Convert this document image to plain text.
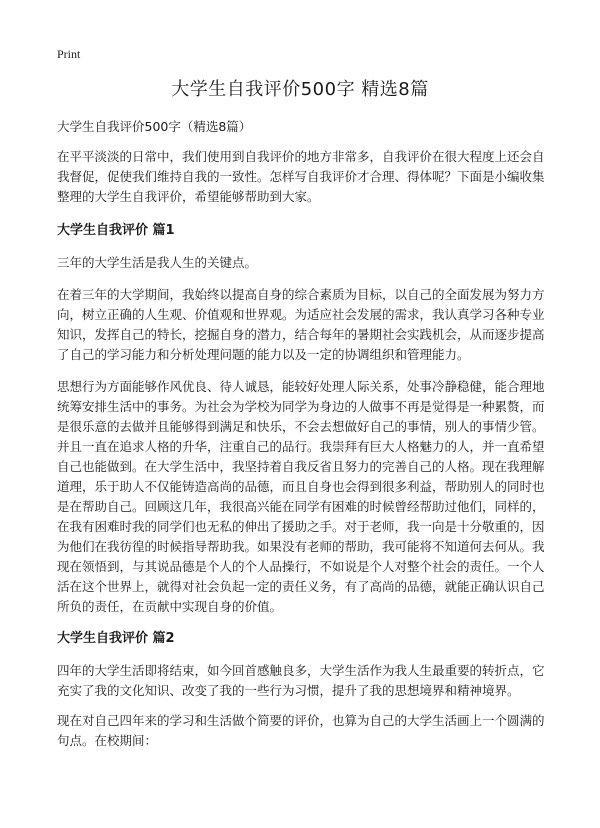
Print
大学生自我评价500字 精选8篇

大学生自我评价500字（精选8篇）

在平平淡淡的日常中，我们使用到自我评价的地方非常多，自我评价在很大程度上还会自我督促，促使我们维持自我的一致性。怎样写自我评价才合理、得体呢？下面是小编收集整理的大学生自我评价，希望能够帮助到大家。

大学生自我评价 篇1

三年的大学生活是我人生的关键点。

在着三年的大学期间，我始终以提高自身的综合素质为目标，以自己的全面发展为努力方向，树立正确的人生观、价值观和世界观。为适应社会发展的需求，我认真学习各种专业知识，发挥自己的特长，挖掘自身的潜力，结合每年的暑期社会实践机会，从而逐步提高了自己的学习能力和分析处理问题的能力以及一定的协调组织和管理能力。

思想行为方面能够作风优良、待人诚恳，能较好处理人际关系，处事冷静稳健，能合理地统筹安排生活中的事务。为社会为学校为同学为身边的人做事不再是觉得是一种累赘，而是很乐意的去做并且能够得到满足和快乐，不会去想做好自己的事情，别人的事情少管。并且一直在追求人格的升华，注重自己的品行。我崇拜有巨大人格魅力的人，并一直希望自己也能做到。在大学生活中，我坚持着自我反省且努力的完善自己的人格。现在我理解道理，乐于助人不仅能铸造高尚的品德，而且自身也会得到很多利益，帮助别人的同时也是在帮助自己。回顾这几年，我很高兴能在同学有困难的时候曾经帮助过他们，同样的，在我有困难时我的同学们也无私的伸出了援助之手。对于老师，我一向是十分敬重的，因为他们在我彷徨的时候指导帮助我。如果没有老师的帮助，我可能将不知道何去何从。我现在领悟到，与其说品德是个人的个人品操行，不如说是个人对整个社会的责任。一个人活在这个世界上，就得对社会负起一定的责任义务，有了高尚的品德，就能正确认识自己所负的责任，在贡献中实现自身的价值。

大学生自我评价 篇2

四年的大学生活即将结束，如今回首感触良多，大学生活作为我人生最重要的转折点，它充实了我的文化知识、改变了我的一些行为习惯，提升了我的思想境界和精神境界。

现在对自己四年来的学习和生活做个简要的评价，也算为自己的大学生活画上一个圆满的句点。在校期间：
